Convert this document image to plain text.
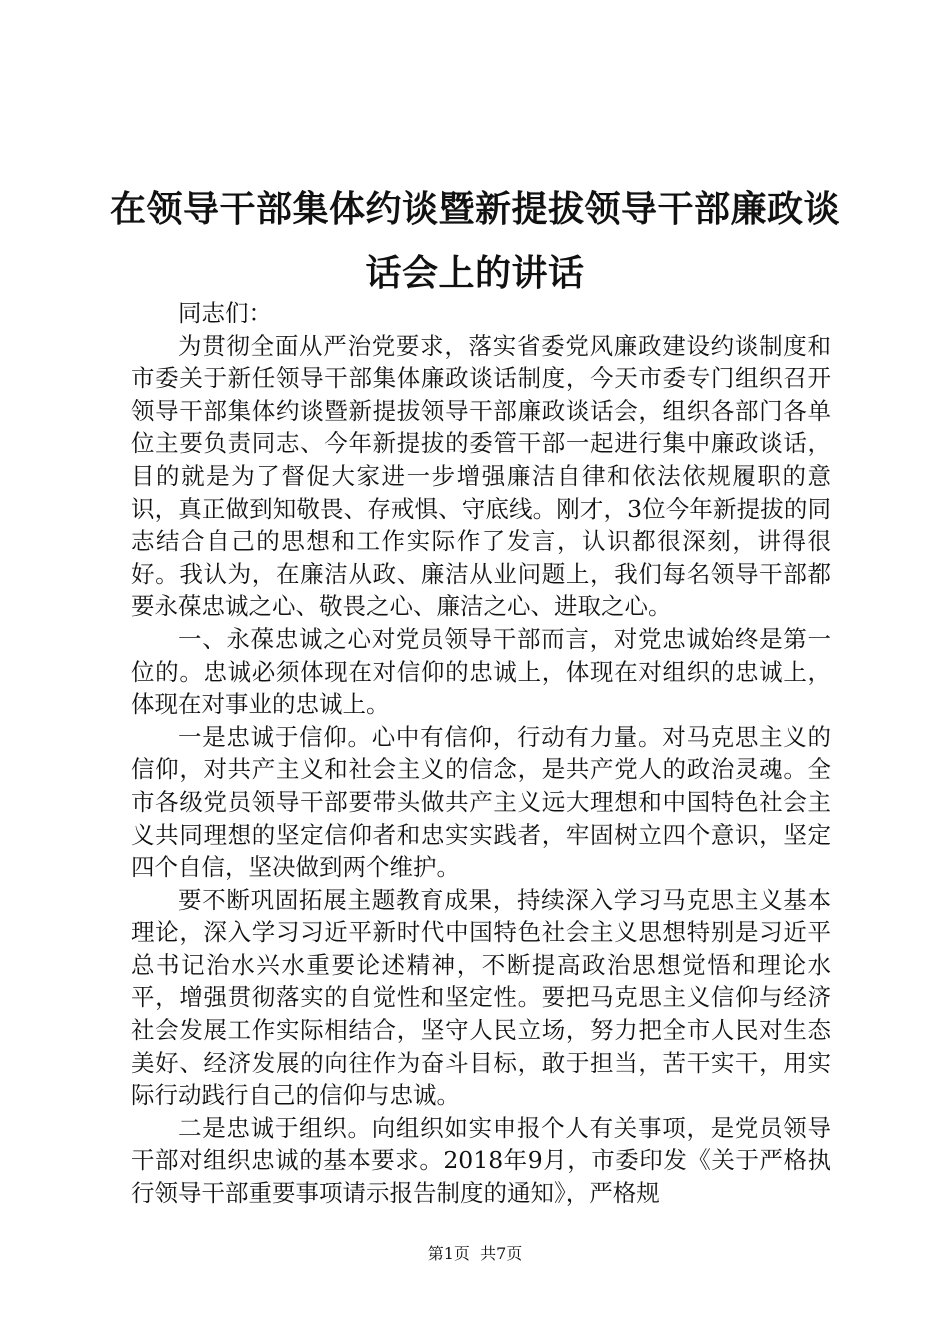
在领导干部集体约谈暨新提拔领导干部廉政谈
话会上的讲话

同志们：

为贯彻全面从严治党要求，落实省委党风廉政建设约谈制度和市委关于新任领导干部集体廉政谈话制度，今天市委专门组织召开领导干部集体约谈暨新提拔领导干部廉政谈话会，组织各部门各单位主要负责同志、今年新提拔的委管干部一起进行集中廉政谈话，目的就是为了督促大家进一步增强廉洁自律和依法依规履职的意识，真正做到知敬畏、存戒惧、守底线。刚才，3位今年新提拔的同志结合自己的思想和工作实际作了发言，认识都很深刻，讲得很好。我认为，在廉洁从政、廉洁从业问题上，我们每名领导干部都要永葆忠诚之心、敬畏之心、廉洁之心、进取之心。

一、永葆忠诚之心对党员领导干部而言，对党忠诚始终是第一位的。忠诚必须体现在对信仰的忠诚上，体现在对组织的忠诚上，体现在对事业的忠诚上。

一是忠诚于信仰。心中有信仰，行动有力量。对马克思主义的信仰，对共产主义和社会主义的信念，是共产党人的政治灵魂。全市各级党员领导干部要带头做共产主义远大理想和中国特色社会主义共同理想的坚定信仰者和忠实实践者，牢固树立四个意识，坚定四个自信，坚决做到两个维护。

要不断巩固拓展主题教育成果，持续深入学习马克思主义基本理论，深入学习习近平新时代中国特色社会主义思想特别是习近平总书记治水兴水重要论述精神，不断提高政治思想觉悟和理论水平，增强贯彻落实的自觉性和坚定性。要把马克思主义信仰与经济社会发展工作实际相结合，坚守人民立场，努力把全市人民对生态美好、经济发展的向往作为奋斗目标，敢于担当，苦干实干，用实际行动践行自己的信仰与忠诚。

二是忠诚于组织。向组织如实申报个人有关事项，是党员领导干部对组织忠诚的基本要求。2018年9月，市委印发《关于严格执行领导干部重要事项请示报告制度的通知》，严格规

第1页  共7页
